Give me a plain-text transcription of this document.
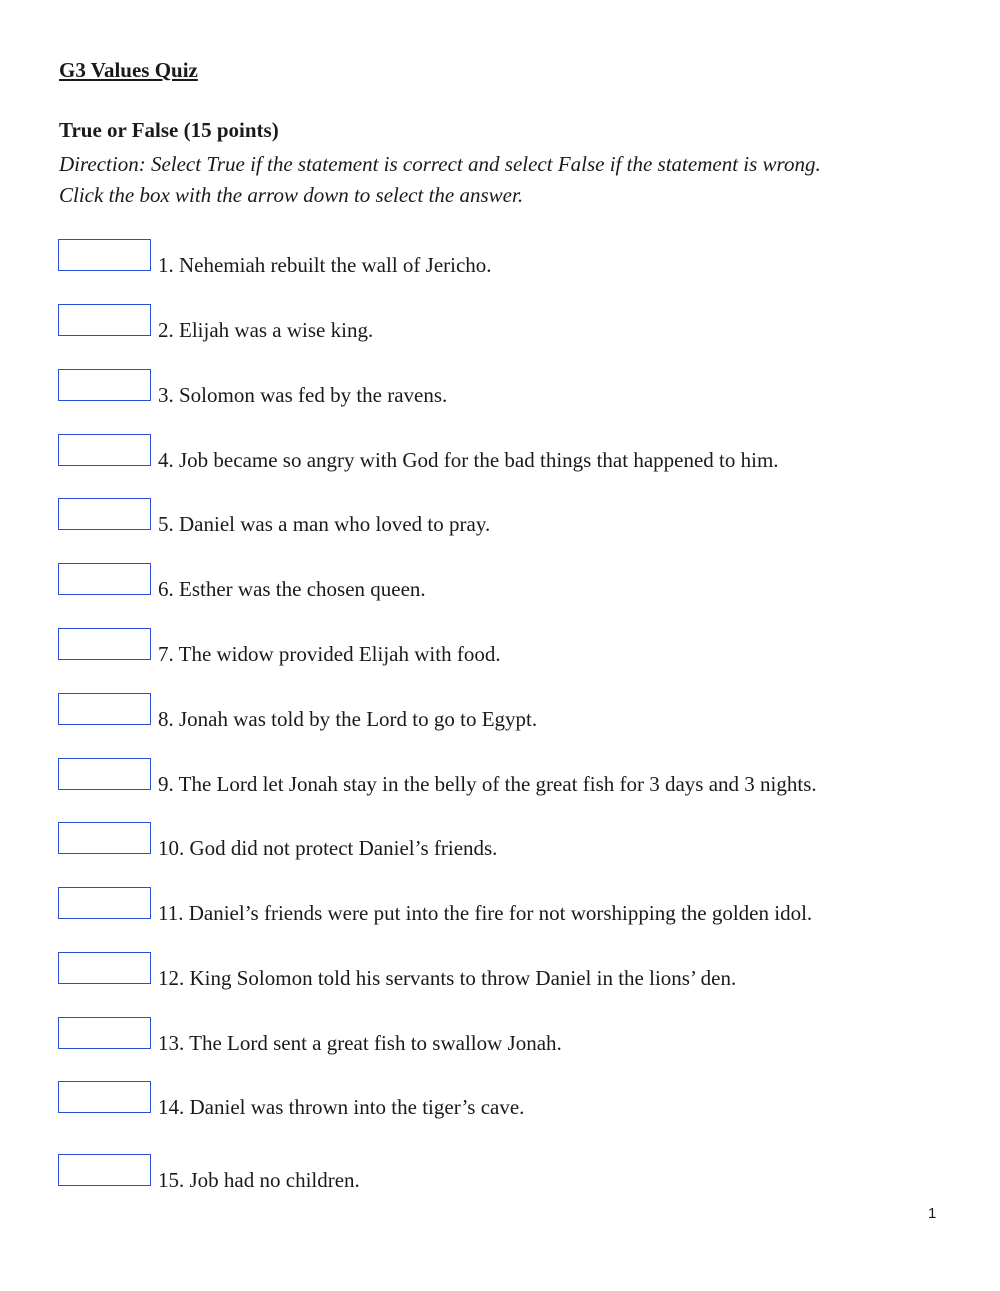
G3 Values Quiz
True or False (15 points)

Direction: Select True if the statement is correct and select False if the statement is wrong.
Click the box with the arrow down to select the answer.

1. Nehemiah rebuilt the wall of Jericho.
2. Elijah was a wise king.
3. Solomon was fed by the ravens.
4. Job became so angry with God for the bad things that happened to him.
5. Daniel was a man who loved to pray.
6. Esther was the chosen queen.
7. The widow provided Elijah with food.
8. Jonah was told by the Lord to go to Egypt.
9. The Lord let Jonah stay in the belly of the great fish for 3 days and 3 nights.
10. God did not protect Daniel’s friends.
11. Daniel’s friends were put into the fire for not worshipping the golden idol.
12. King Solomon told his servants to throw Daniel in the lions’ den.
13. The Lord sent a great fish to swallow Jonah.
14. Daniel was thrown into the tiger’s cave.
15. Job had no children.
1
